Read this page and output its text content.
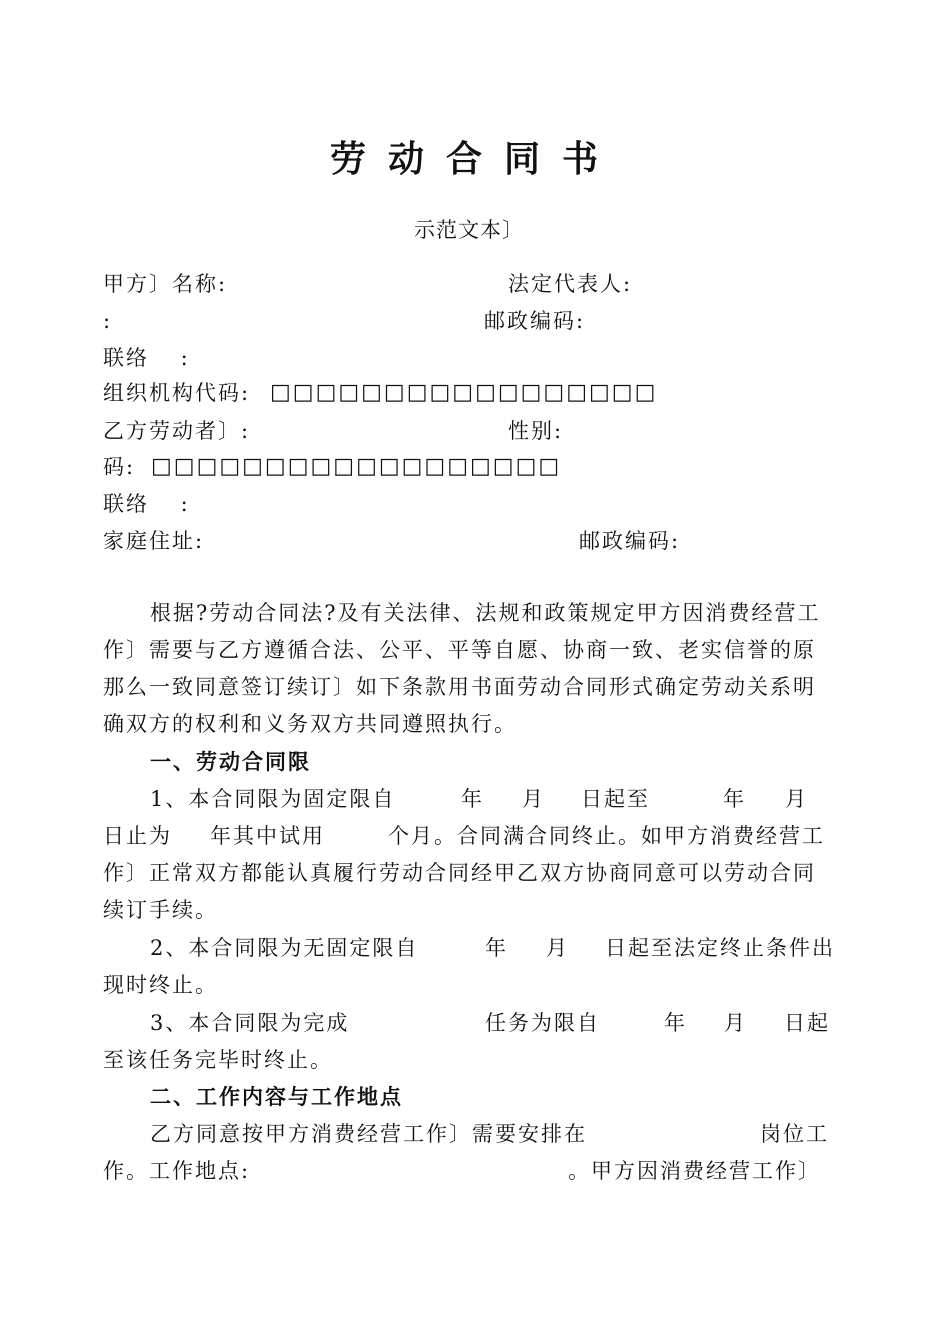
劳动合同书
示范文本〕
甲方〕名称:	法定代表人:
:	邮政编码:
联络　 :
组织机构代码: □□□□□□□□□□□□□□□□□
乙方劳动者〕:	性别:
码: □□□□□□□□□□□□□□□□□□
联络　 :
家庭住址:	邮政编码:
根据?劳动合同法?及有关法律、法规和政策规定甲方因消费经营工
作〕需要与乙方遵循合法、公平、平等自愿、协商一致、老实信誉的原
那么一致同意签订续订〕如下条款用书面劳动合同形式确定劳动关系明
确双方的权利和义务双方共同遵照执行。
一、劳动合同限
1、本合同限为固定限自	年 月 日起至	年 月
日止为 年其中试用	个月。合同满合同终止。如甲方消费经营工
作〕正常双方都能认真履行劳动合同经甲乙双方协商同意可以劳动合同
续订手续。
2、本合同限为无固定限自	年 月 日起至法定终止条件出
现时终止。
3、本合同限为完成	任务为限自	年 月 日起
至该任务完毕时终止。
二、工作内容与工作地点
乙方同意按甲方消费经营工作〕需要安排在	岗位工
作。工作地点:	。甲方因消费经营工作〕
